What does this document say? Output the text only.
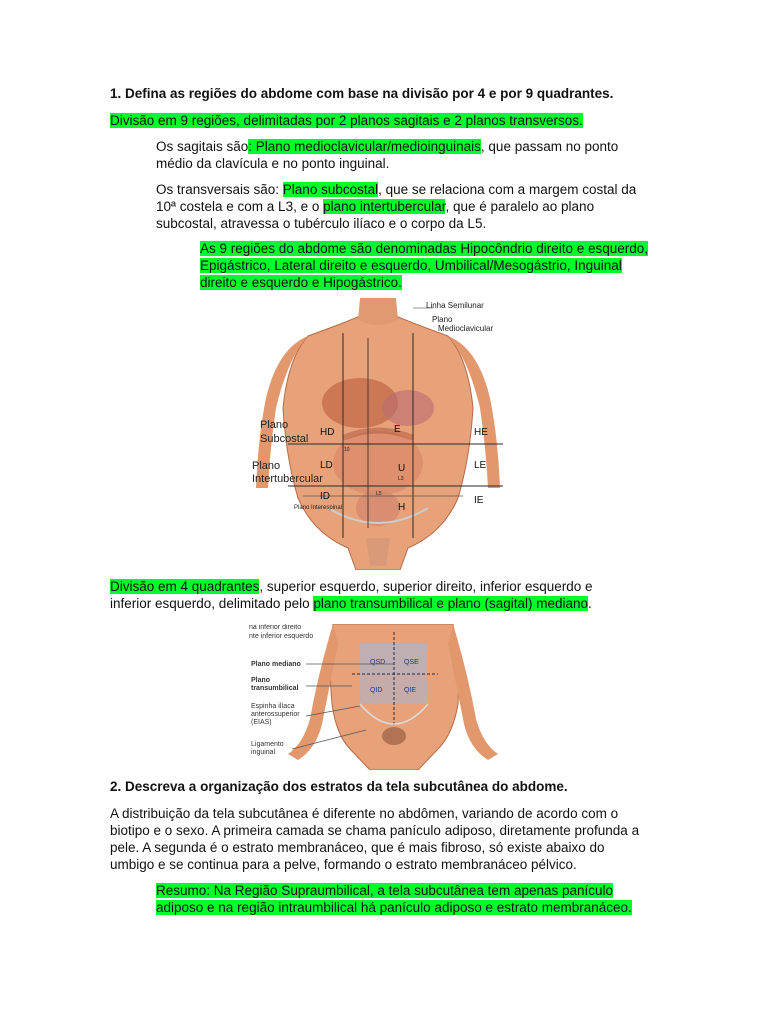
1. Defina as regiões do abdome com base na divisão por 4 e por 9 quadrantes.
Divisão em 9 regiões, delimitadas por 2 planos sagitais e 2 planos transversos.
Os sagitais são: Plano medioclavicular/medioinguinais, que passam no ponto médio da clavícula e no ponto inguinal.
Os transversais são: Plano subcostal, que se relaciona com a margem costal da 10ª costela e com a L3, e o plano intertubercular, que é paralelo ao plano subcostal, atravessa o tubérculo ilíaco e o corpo da L5.
As 9 regiões do abdome são denominadas Hipocôndrio direito e esquerdo, Epigástrico, Lateral direito e esquerdo, Umbilical/Mesogástrio, Inguinal direito e esquerdo e Hipogástrico.
Linha Semilunar
Plano
Medioclavicular
Plano
Subcostal
Plano
Intertubercular
Plano Interespinal
HD	E	HE
LD	U	LE
ID
H
IE
10
L3
L5
Divisão em 4 quadrantes, superior esquerdo, superior direito, inferior esquerdo e inferior esquerdo, delimitado pelo plano transumbilical e plano (sagital) mediano.
na inferior direito
nte inferior esquerdo
Plano mediano
Plano
transumbilical
Espinha ilíaca
anterossuperior
(EIAS)
Ligamento
inguinal
QSD	QSE
QID	QIE
2. Descreva a organização dos estratos da tela subcutânea do abdome.
A distribuição da tela subcutânea é diferente no abdômen, variando de acordo com o biotipo e o sexo. A primeira camada se chama panículo adiposo, diretamente profunda a pele. A segunda é o estrato membranáceo, que é mais fibroso, só existe abaixo do umbigo e se continua para a pelve, formando o estrato membranáceo pélvico.
Resumo: Na Região Supraumbilical, a tela subcutânea tem apenas panículo adiposo e na região intraumbilical há panículo adiposo e estrato membranáceo.
